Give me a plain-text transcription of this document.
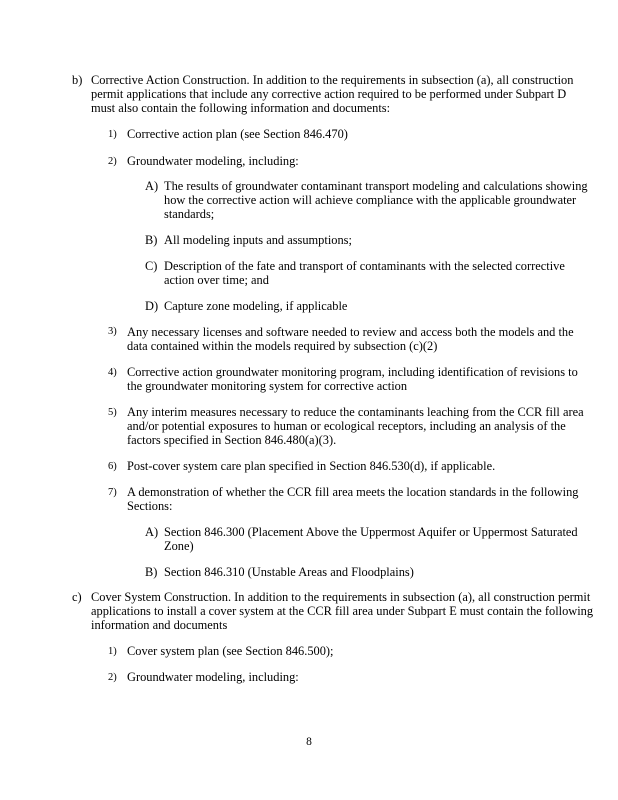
b) Corrective Action Construction. In addition to the requirements in subsection (a), all construction permit applications that include any corrective action required to be performed under Subpart D must also contain the following information and documents:

1) Corrective action plan (see Section 846.470)

2) Groundwater modeling, including:

A) The results of groundwater contaminant transport modeling and calculations showing how the corrective action will achieve compliance with the applicable groundwater standards;

B) All modeling inputs and assumptions;

C) Description of the fate and transport of contaminants with the selected corrective action over time; and

D) Capture zone modeling, if applicable

3) Any necessary licenses and software needed to review and access both the models and the data contained within the models required by subsection (c)(2)

4) Corrective action groundwater monitoring program, including identification of revisions to the groundwater monitoring system for corrective action

5) Any interim measures necessary to reduce the contaminants leaching from the CCR fill area and/or potential exposures to human or ecological receptors, including an analysis of the factors specified in Section 846.480(a)(3).

6) Post-cover system care plan specified in Section 846.530(d), if applicable.

7) A demonstration of whether the CCR fill area meets the location standards in the following Sections:

A) Section 846.300 (Placement Above the Uppermost Aquifer or Uppermost Saturated Zone)

B) Section 846.310 (Unstable Areas and Floodplains)

c) Cover System Construction. In addition to the requirements in subsection (a), all construction permit applications to install a cover system at the CCR fill area under Subpart E must contain the following information and documents

1) Cover system plan (see Section 846.500);

2) Groundwater modeling, including:

8
